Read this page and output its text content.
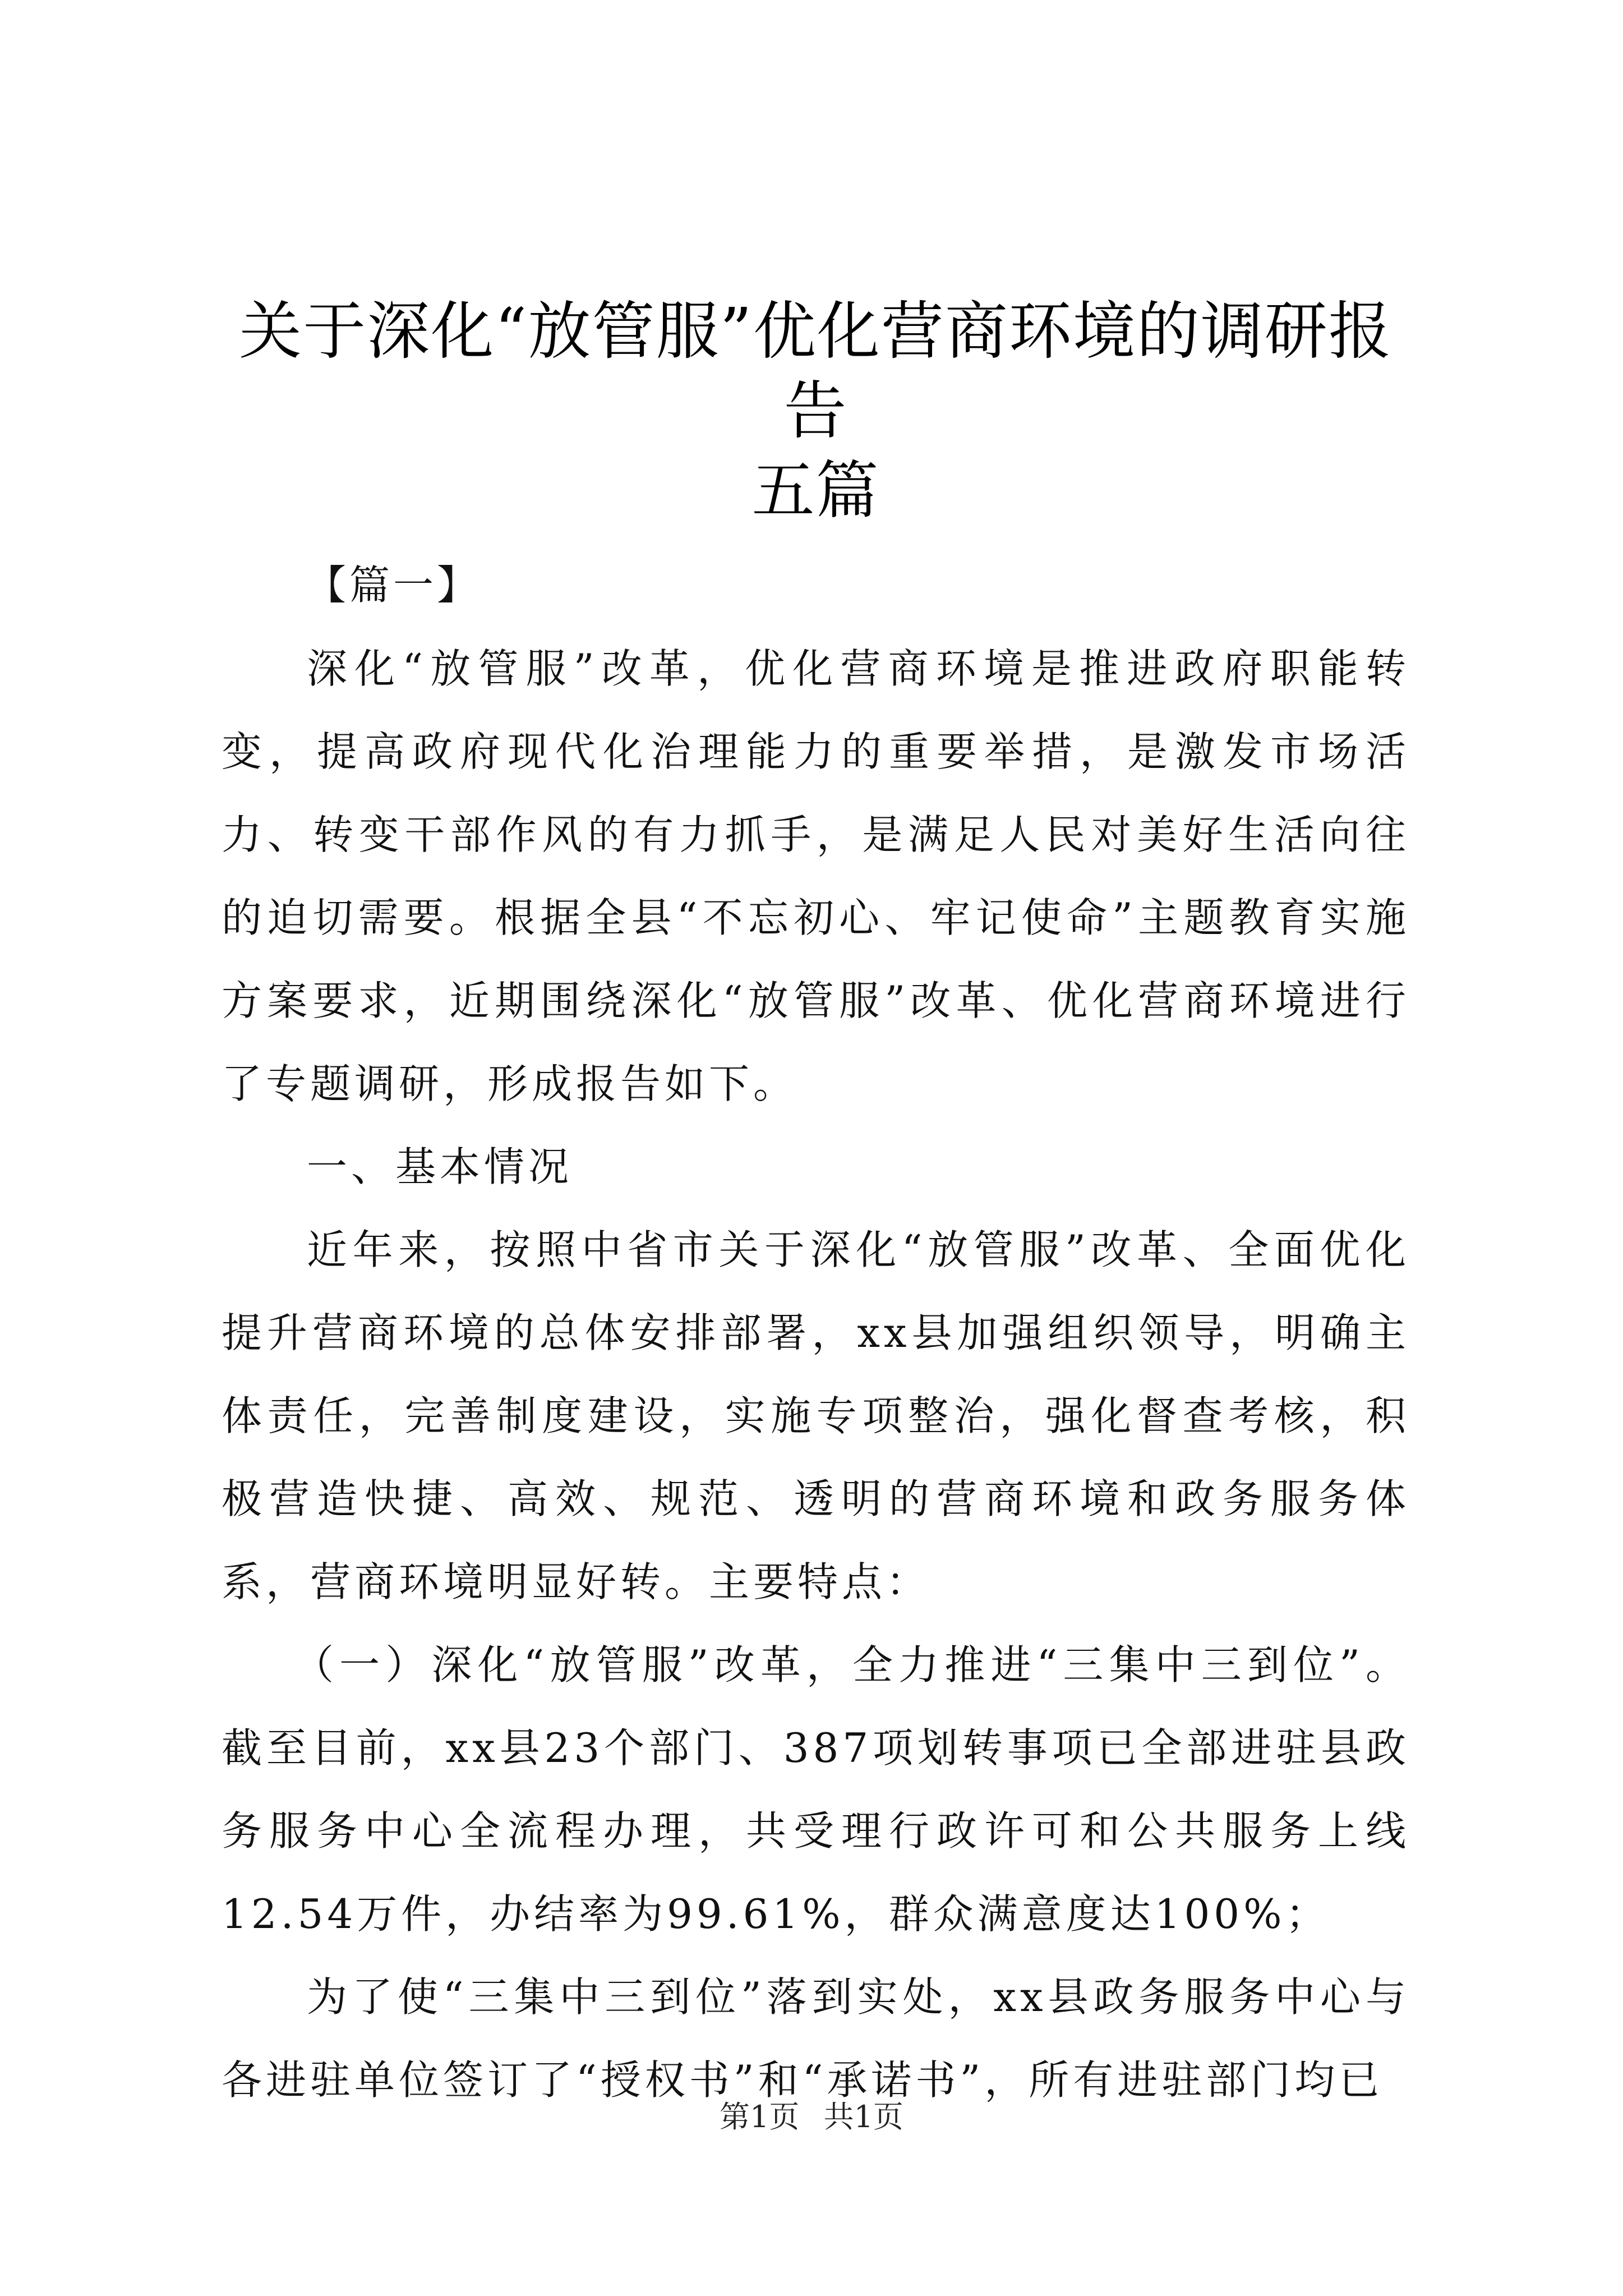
关于深化“放管服”优化营商环境的调研报告
五篇

【篇一】

深化“放管服”改革，优化营商环境是推进政府职能转变，提高政府现代化治理能力的重要举措，是激发市场活力、转变干部作风的有力抓手，是满足人民对美好生活向往的迫切需要。根据全县“不忘初心、牢记使命”主题教育实施方案要求，近期围绕深化“放管服”改革、优化营商环境进行了专题调研，形成报告如下。

一、基本情况

近年来，按照中省市关于深化“放管服”改革、全面优化提升营商环境的总体安排部署，xx县加强组织领导，明确主体责任，完善制度建设，实施专项整治，强化督查考核，积极营造快捷、高效、规范、透明的营商环境和政务服务体系，营商环境明显好转。主要特点：

（一）深化“放管服”改革，全力推进“三集中三到位”。截至目前，xx县23个部门、387项划转事项已全部进驻县政务服务中心全流程办理，共受理行政许可和公共服务上线12.54万件，办结率为99.61%，群众满意度达100%；

为了使“三集中三到位”落到实处，xx县政务服务中心与各进驻单位签订了“授权书”和“承诺书”，所有进驻部门均已

第1页 共1页
